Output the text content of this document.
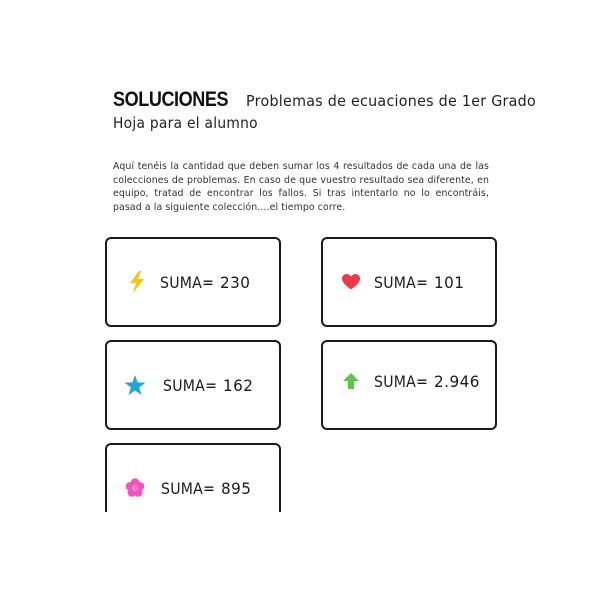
SOLUCIONES Problemas de ecuaciones de 1er Grado
Hoja para el alumno

Aquí tenéis la cantidad que deben sumar los 4 resultados de cada una de las colecciones de problemas. En caso de que vuestro resultado sea diferente, en equipo, tratad de encontrar los fallos. Si tras intentarlo no lo encontráis, pasad a la siguiente colección....el tiempo corre.

SUMA= 230	SUMA= 101
SUMA= 162	SUMA= 2.946
SUMA= 895
